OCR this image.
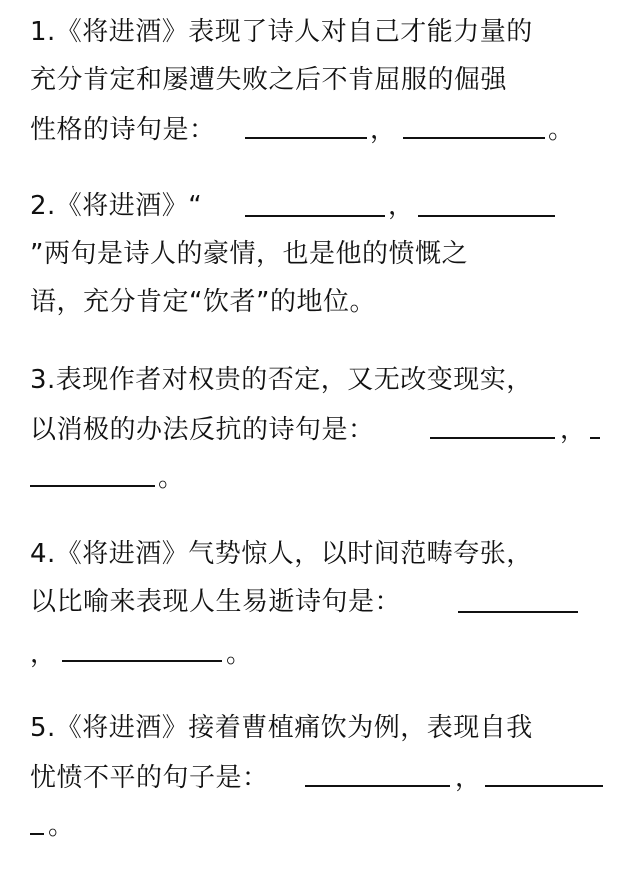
1.《将进酒》表现了诗人对自己才能力量的
充分肯定和屡遭失败之后不肯屈服的倔强
性格的诗句是：	，	。
2.《将进酒》“	，
”两句是诗人的豪情，也是他的愤慨之
语，充分肯定“饮者”的地位。
3.表现作者对权贵的否定，又无改变现实，
以消极的办法反抗的诗句是：	，
。
4.《将进酒》气势惊人，以时间范畴夸张，
以比喻来表现人生易逝诗句是：
，	。
5.《将进酒》接着曹植痛饮为例，表现自我
忧愤不平的句子是：	，
。
